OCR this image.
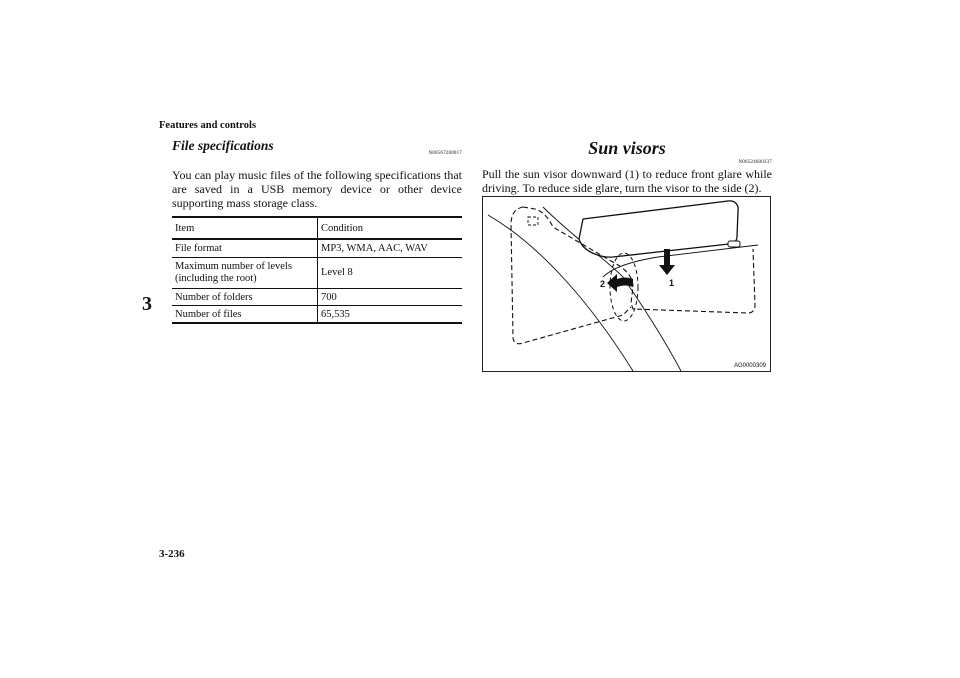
Features and controls
3
3-236
File specifications
N00567200017

You can play music files of the following specifications that are saved in a USB memory device or other device supporting mass storage class.

Item	Condition
File format	MP3, WMA, AAC, WAV
Maximum number of levels (including the root)	Level 8
Number of folders	700
Number of files	65,535
Sun visors
N00524600337

Pull the sun visor downward (1) to reduce front glare while driving. To reduce side glare, turn the visor to the side (2).

1
2
AG0000309
